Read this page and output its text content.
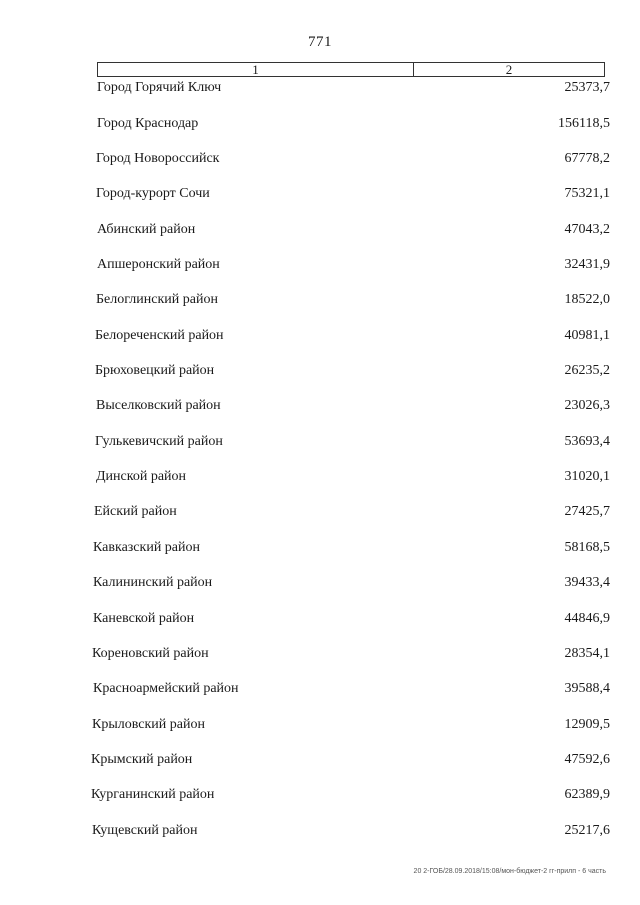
771
1	2
Город Горячий Ключ	25373,7
Город Краснодар	156118,5
Город Новороссийск	67778,2
Город-курорт Сочи	75321,1
Абинский район	47043,2
Апшеронский район	32431,9
Белоглинский район	18522,0
Белореченский район	40981,1
Брюховецкий район	26235,2
Выселковский район	23026,3
Гулькевичский район	53693,4
Динской район	31020,1
Ейский район	27425,7
Кавказский район	58168,5
Калининский район	39433,4
Каневской район	44846,9
Кореновский район	28354,1
Красноармейский район	39588,4
Крыловский район	12909,5
Крымский район	47592,6
Курганинский район	62389,9
Кущевский район	25217,6
20 2-ГОБ/28.09.2018/15:08/мон-бюджет-2 гг-прилп - 6 часть
